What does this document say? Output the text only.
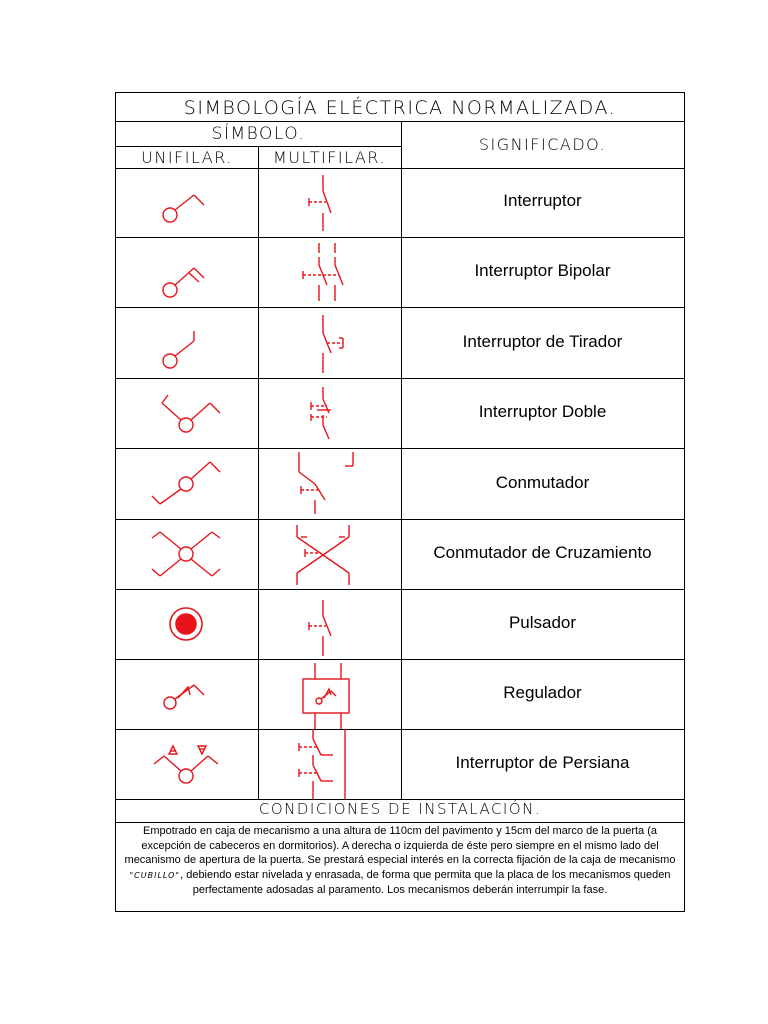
SIMBOLOGÍA ELÉCTRICA NORMALIZADA.
SÍMBOLO.
UNIFILAR.	MULTIFILAR.
SIGNIFICADO.
Interruptor
Interruptor Bipolar
Interruptor de Tirador
Interruptor Doble
Conmutador
Conmutador de Cruzamiento
Pulsador
Regulador
Interruptor de Persiana
CONDICIONES DE INSTALACIÓN.
Empotrado en caja de mecanismo a una altura de 110cm del pavimento y 15cm del marco de la puerta (a excepción de cabeceros en dormitorios). A derecha o izquierda de éste pero siempre en el mismo lado del mecanismo de apertura de la puerta. Se prestará especial interés en la correcta fijación de la caja de mecanismo "CUBILLO", debiendo estar nivelada y enrasada, de forma que permita que la placa de los mecanismos queden perfectamente adosadas al paramento. Los mecanismos deberán interrumpir la fase.
